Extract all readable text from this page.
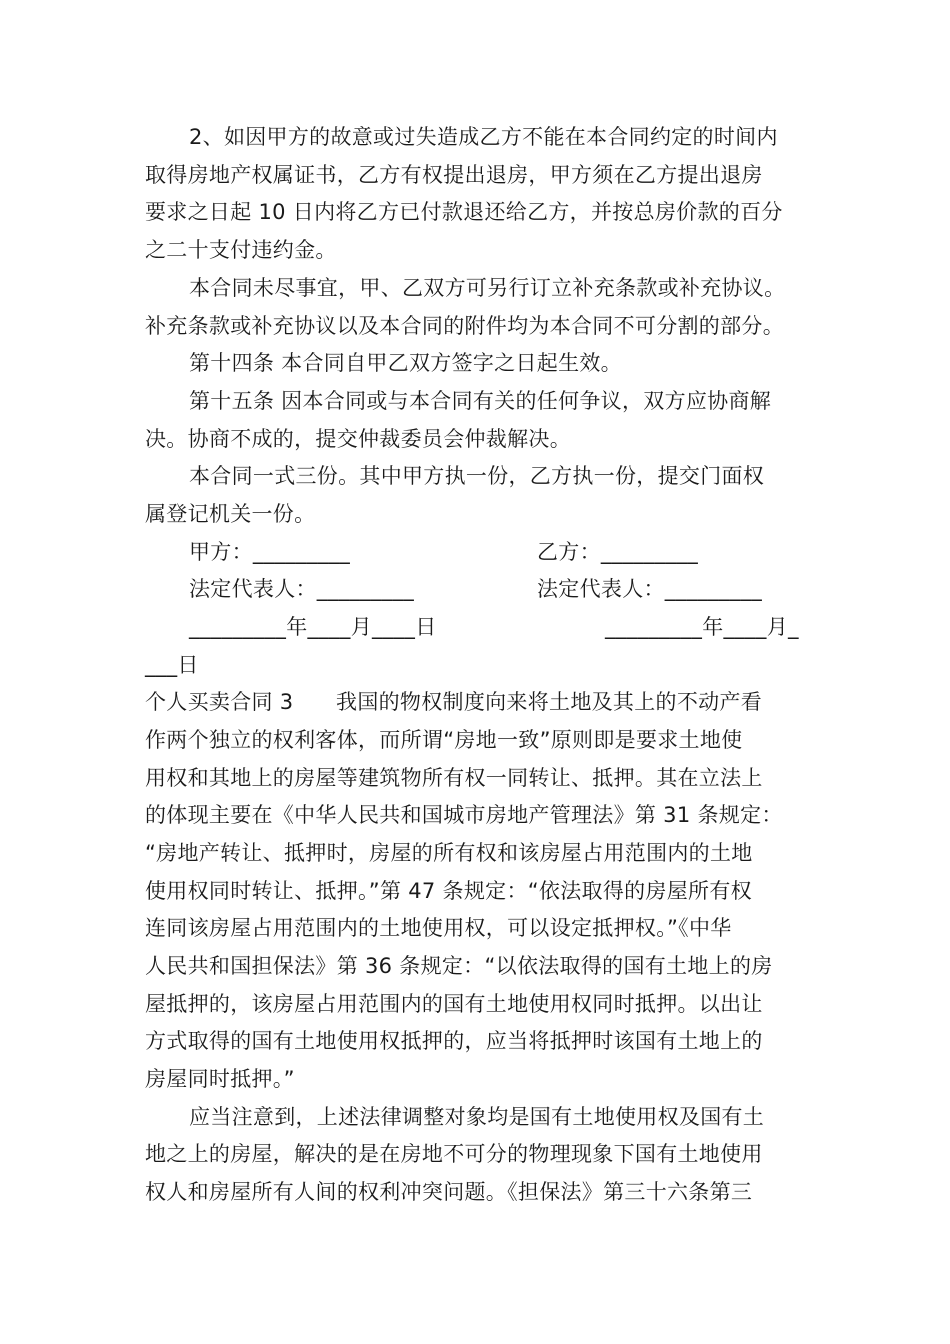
2、如因甲方的故意或过失造成乙方不能在本合同约定的时间内
取得房地产权属证书，乙方有权提出退房，甲方须在乙方提出退房
要求之日起 10 日内将乙方已付款退还给乙方，并按总房价款的百分
之二十支付违约金。
本合同未尽事宜，甲、乙双方可另行订立补充条款或补充协议。
补充条款或补充协议以及本合同的附件均为本合同不可分割的部分。
第十四条 本合同自甲乙双方签字之日起生效。
第十五条 因本合同或与本合同有关的任何争议，双方应协商解
决。协商不成的，提交仲裁委员会仲裁解决。
本合同一式三份。其中甲方执一份，乙方执一份，提交门面权
属登记机关一份。
甲方：_________	乙方：_________
法定代表人：_________	法定代表人：_________
_________年____月____日	_________年____月_
___日
个人买卖合同 3　　我国的物权制度向来将土地及其上的不动产看
作两个独立的权利客体，而所谓“房地一致”原则即是要求土地使
用权和其地上的房屋等建筑物所有权一同转让、抵押。其在立法上
的体现主要在《中华人民共和国城市房地产管理法》第 31 条规定：
“房地产转让、抵押时，房屋的所有权和该房屋占用范围内的土地
使用权同时转让、抵押。”第 47 条规定：“依法取得的房屋所有权
连同该房屋占用范围内的土地使用权，可以设定抵押权。”《中华
人民共和国担保法》第 36 条规定：“以依法取得的国有土地上的房
屋抵押的，该房屋占用范围内的国有土地使用权同时抵押。以出让
方式取得的国有土地使用权抵押的，应当将抵押时该国有土地上的
房屋同时抵押。”
应当注意到，上述法律调整对象均是国有土地使用权及国有土
地之上的房屋，解决的是在房地不可分的物理现象下国有土地使用
权人和房屋所有人间的权利冲突问题。《担保法》第三十六条第三
